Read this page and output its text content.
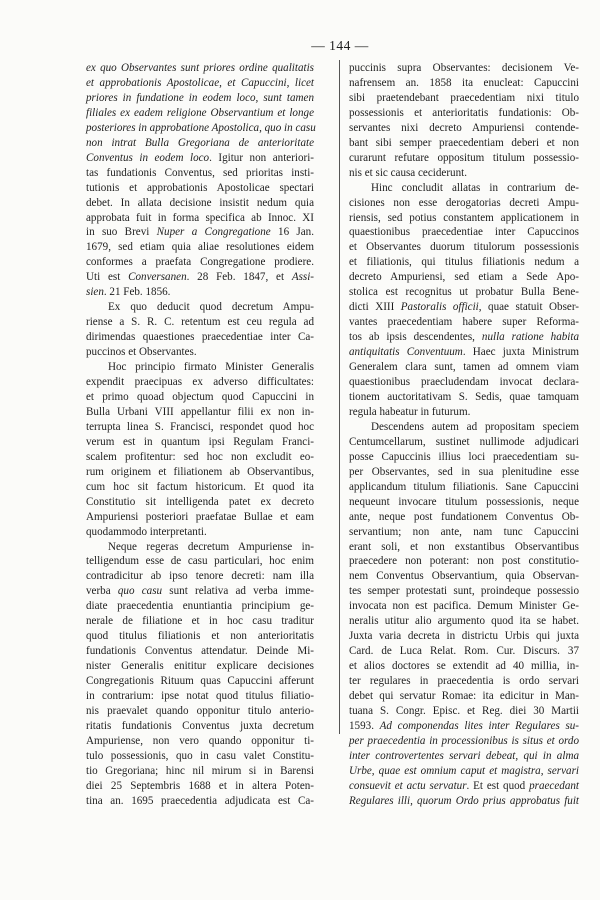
— 144 —
ex quo Observantes sunt priores ordine qualitatis
et approbationis Apostolicae, et Capuccini, licet
priores in fundatione in eodem loco, sunt tamen
filiales ex eadem religione Observantium et longe
posteriores in approbatione Apostolica, quo in casu
non intrat Bulla Gregoriana de anterioritate
Conventus in eodem loco. Igitur non anteriori-
tas fundationis Conventus, sed prioritas insti-
tutionis et approbationis Apostolicae spectari
debet. In allata decisione insistit nedum quia
approbata fuit in forma specifica ab Innoc. XI
in suo Brevi Nuper a Congregatione 16 Jan.
1679, sed etiam quia aliae resolutiones eidem
conformes a praefata Congregatione prodiere.
Uti est Conversanen. 28 Feb. 1847, et Assi-
sien. 21 Feb. 1856.
Ex quo deducit quod decretum Ampu-
riense a S. R. C. retentum est ceu regula ad
dirimendas quaestiones praecedentiae inter Ca-
puccinos et Observantes.
Hoc principio firmato Minister Generalis
expendit praecipuas ex adverso difficultates:
et primo quoad objectum quod Capuccini in
Bulla Urbani VIII appellantur filii ex non in-
terrupta linea S. Francisci, respondet quod hoc
verum est in quantum ipsi Regulam Franci-
scalem profitentur: sed hoc non excludit eo-
rum originem et filiationem ab Observantibus,
cum hoc sit factum historicum. Et quod ita
Constitutio sit intelligenda patet ex decreto
Ampuriensi posteriori praefatae Bullae et eam
quodammodo interpretanti.
Neque regeras decretum Ampuriense in-
telligendum esse de casu particulari, hoc enim
contradicitur ab ipso tenore decreti: nam illa
verba quo casu sunt relativa ad verba imme-
diate praecedentia enuntiantia principium ge-
nerale de filiatione et in hoc casu traditur
quod titulus filiationis et non anterioritatis
fundationis Conventus attendatur. Deinde Mi-
nister Generalis enititur explicare decisiones
Congregationis Rituum quas Capuccini afferunt
in contrarium: ipse notat quod titulus filiatio-
nis praevalet quando opponitur titulo anterio-
ritatis fundationis Conventus juxta decretum
Ampuriense, non vero quando opponitur ti-
tulo possessionis, quo in casu valet Constitu-
tio Gregoriana; hinc nil mirum si in Barensi
diei 25 Septembris 1688 et in altera Poten-
tina an. 1695 praecedentia adjudicata est Ca-
puccinis supra Observantes: decisionem Ve-
nafrensem an. 1858 ita enucleat: Capuccini
sibi praetendebant praecedentiam nixi titulo
possessionis et anterioritatis fundationis: Ob-
servantes nixi decreto Ampuriensi contende-
bant sibi semper praecedentiam deberi et non
curarunt refutare oppositum titulum possessio-
nis et sic causa ceciderunt.
Hinc concludit allatas in contrarium de-
cisiones non esse derogatorias decreti Ampu-
riensis, sed potius constantem applicationem in
quaestionibus praecedentiae inter Capuccinos
et Observantes duorum titulorum possessionis
et filiationis, qui titulus filiationis nedum a
decreto Ampuriensi, sed etiam a Sede Apo-
stolica est recognitus ut probatur Bulla Bene-
dicti XIII Pastoralis officii, quae statuit Obser-
vantes praecedentiam habere super Reforma-
tos ab ipsis descendentes, nulla ratione habita
antiquitatis Conventuum. Haec juxta Ministrum
Generalem clara sunt, tamen ad omnem viam
quaestionibus praecludendam invocat declara-
tionem auctoritativam S. Sedis, quae tamquam
regula habeatur in futurum.
Descendens autem ad propositam speciem
Centumcellarum, sustinet nullimode adjudicari
posse Capuccinis illius loci praecedentiam su-
per Observantes, sed in sua plenitudine esse
applicandum titulum filiationis. Sane Capuccini
nequeunt invocare titulum possessionis, neque
ante, neque post fundationem Conventus Ob-
servantium; non ante, nam tunc Capuccini
erant soli, et non exstantibus Observantibus
praecedere non poterant: non post constitutio-
nem Conventus Observantium, quia Observan-
tes semper protestati sunt, proindeque possessio
invocata non est pacifica. Demum Minister Ge-
neralis utitur alio argumento quod ita se habet.
Juxta varia decreta in districtu Urbis qui juxta
Card. de Luca Relat. Rom. Cur. Discurs. 37
et alios doctores se extendit ad 40 millia, in-
ter regulares in praecedentia is ordo servari
debet qui servatur Romae: ita edicitur in Man-
tuana S. Congr. Episc. et Reg. diei 30 Martii
1593. Ad componendas lites inter Regulares su-
per praecedentia in processionibus is situs et ordo
inter controvertentes servari debeat, qui in alma
Urbe, quae est omnium caput et magistra, servari
consuevit et actu servatur. Et est quod praecedant
Regulares illi, quorum Ordo prius approbatus fuit
